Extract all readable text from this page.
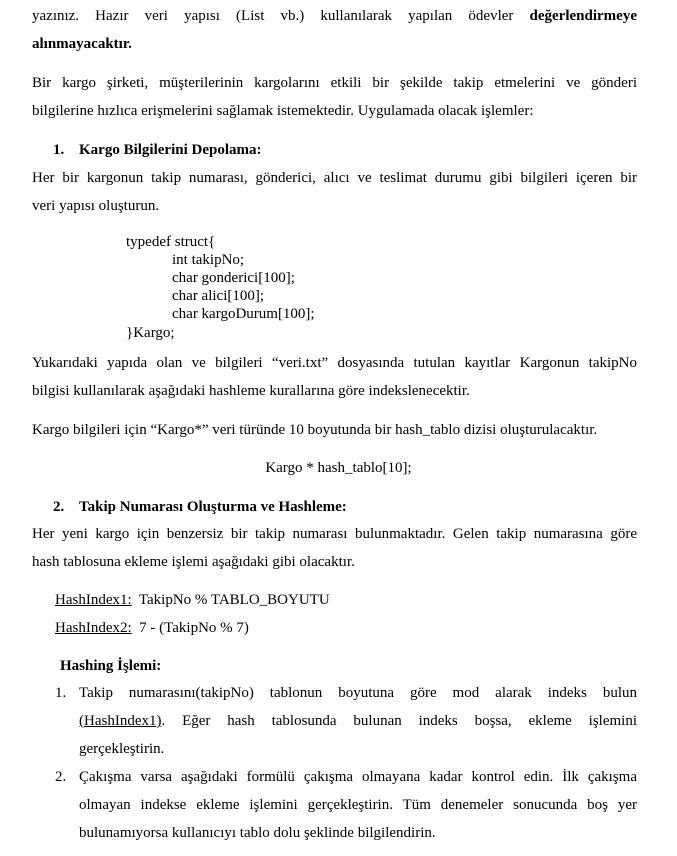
yazınız. Hazır veri yapısı (List vb.) kullanılarak yapılan ödevler değerlendirmeye
alınmayacaktır.
Bir kargo şirketi, müşterilerinin kargolarını etkili bir şekilde takip etmelerini ve gönderi
bilgilerine hızlıca erişmelerini sağlamak istemektedir. Uygulamada olacak işlemler:
1. Kargo Bilgilerini Depolama:
Her bir kargonun takip numarası, gönderici, alıcı ve teslimat durumu gibi bilgileri içeren bir
veri yapısı oluşturun.
typedef struct{
int takipNo;
char gonderici[100];
char alici[100];
char kargoDurum[100];
}Kargo;
Yukarıdaki yapıda olan ve bilgileri “veri.txt” dosyasında tutulan kayıtlar Kargonun takipNo
bilgisi kullanılarak aşağıdaki hashleme kurallarına göre indekslenecektir.
Kargo bilgileri için “Kargo*” veri türünde 10 boyutunda bir hash_tablo dizisi oluşturulacaktır.
Kargo * hash_tablo[10];
2. Takip Numarası Oluşturma ve Hashleme:
Her yeni kargo için benzersiz bir takip numarası bulunmaktadır. Gelen takip numarasına göre
hash tablosuna ekleme işlemi aşağıdaki gibi olacaktır.
HashIndex1: TakipNo % TABLO_BOYUTU
HashIndex2: 7 - (TakipNo % 7)
Hashing İşlemi:
1. Takip numarasını(takipNo) tablonun boyutuna göre mod alarak indeks bulun
(HashIndex1). Eğer hash tablosunda bulunan indeks boşsa, ekleme işlemini
gerçekleştirin.
2. Çakışma varsa aşağıdaki formülü çakışma olmayana kadar kontrol edin. İlk çakışma
olmayan indekse ekleme işlemini gerçekleştirin. Tüm denemeler sonucunda boş yer
bulunamıyorsa kullanıcıyı tablo dolu şeklinde bilgilendirin.
